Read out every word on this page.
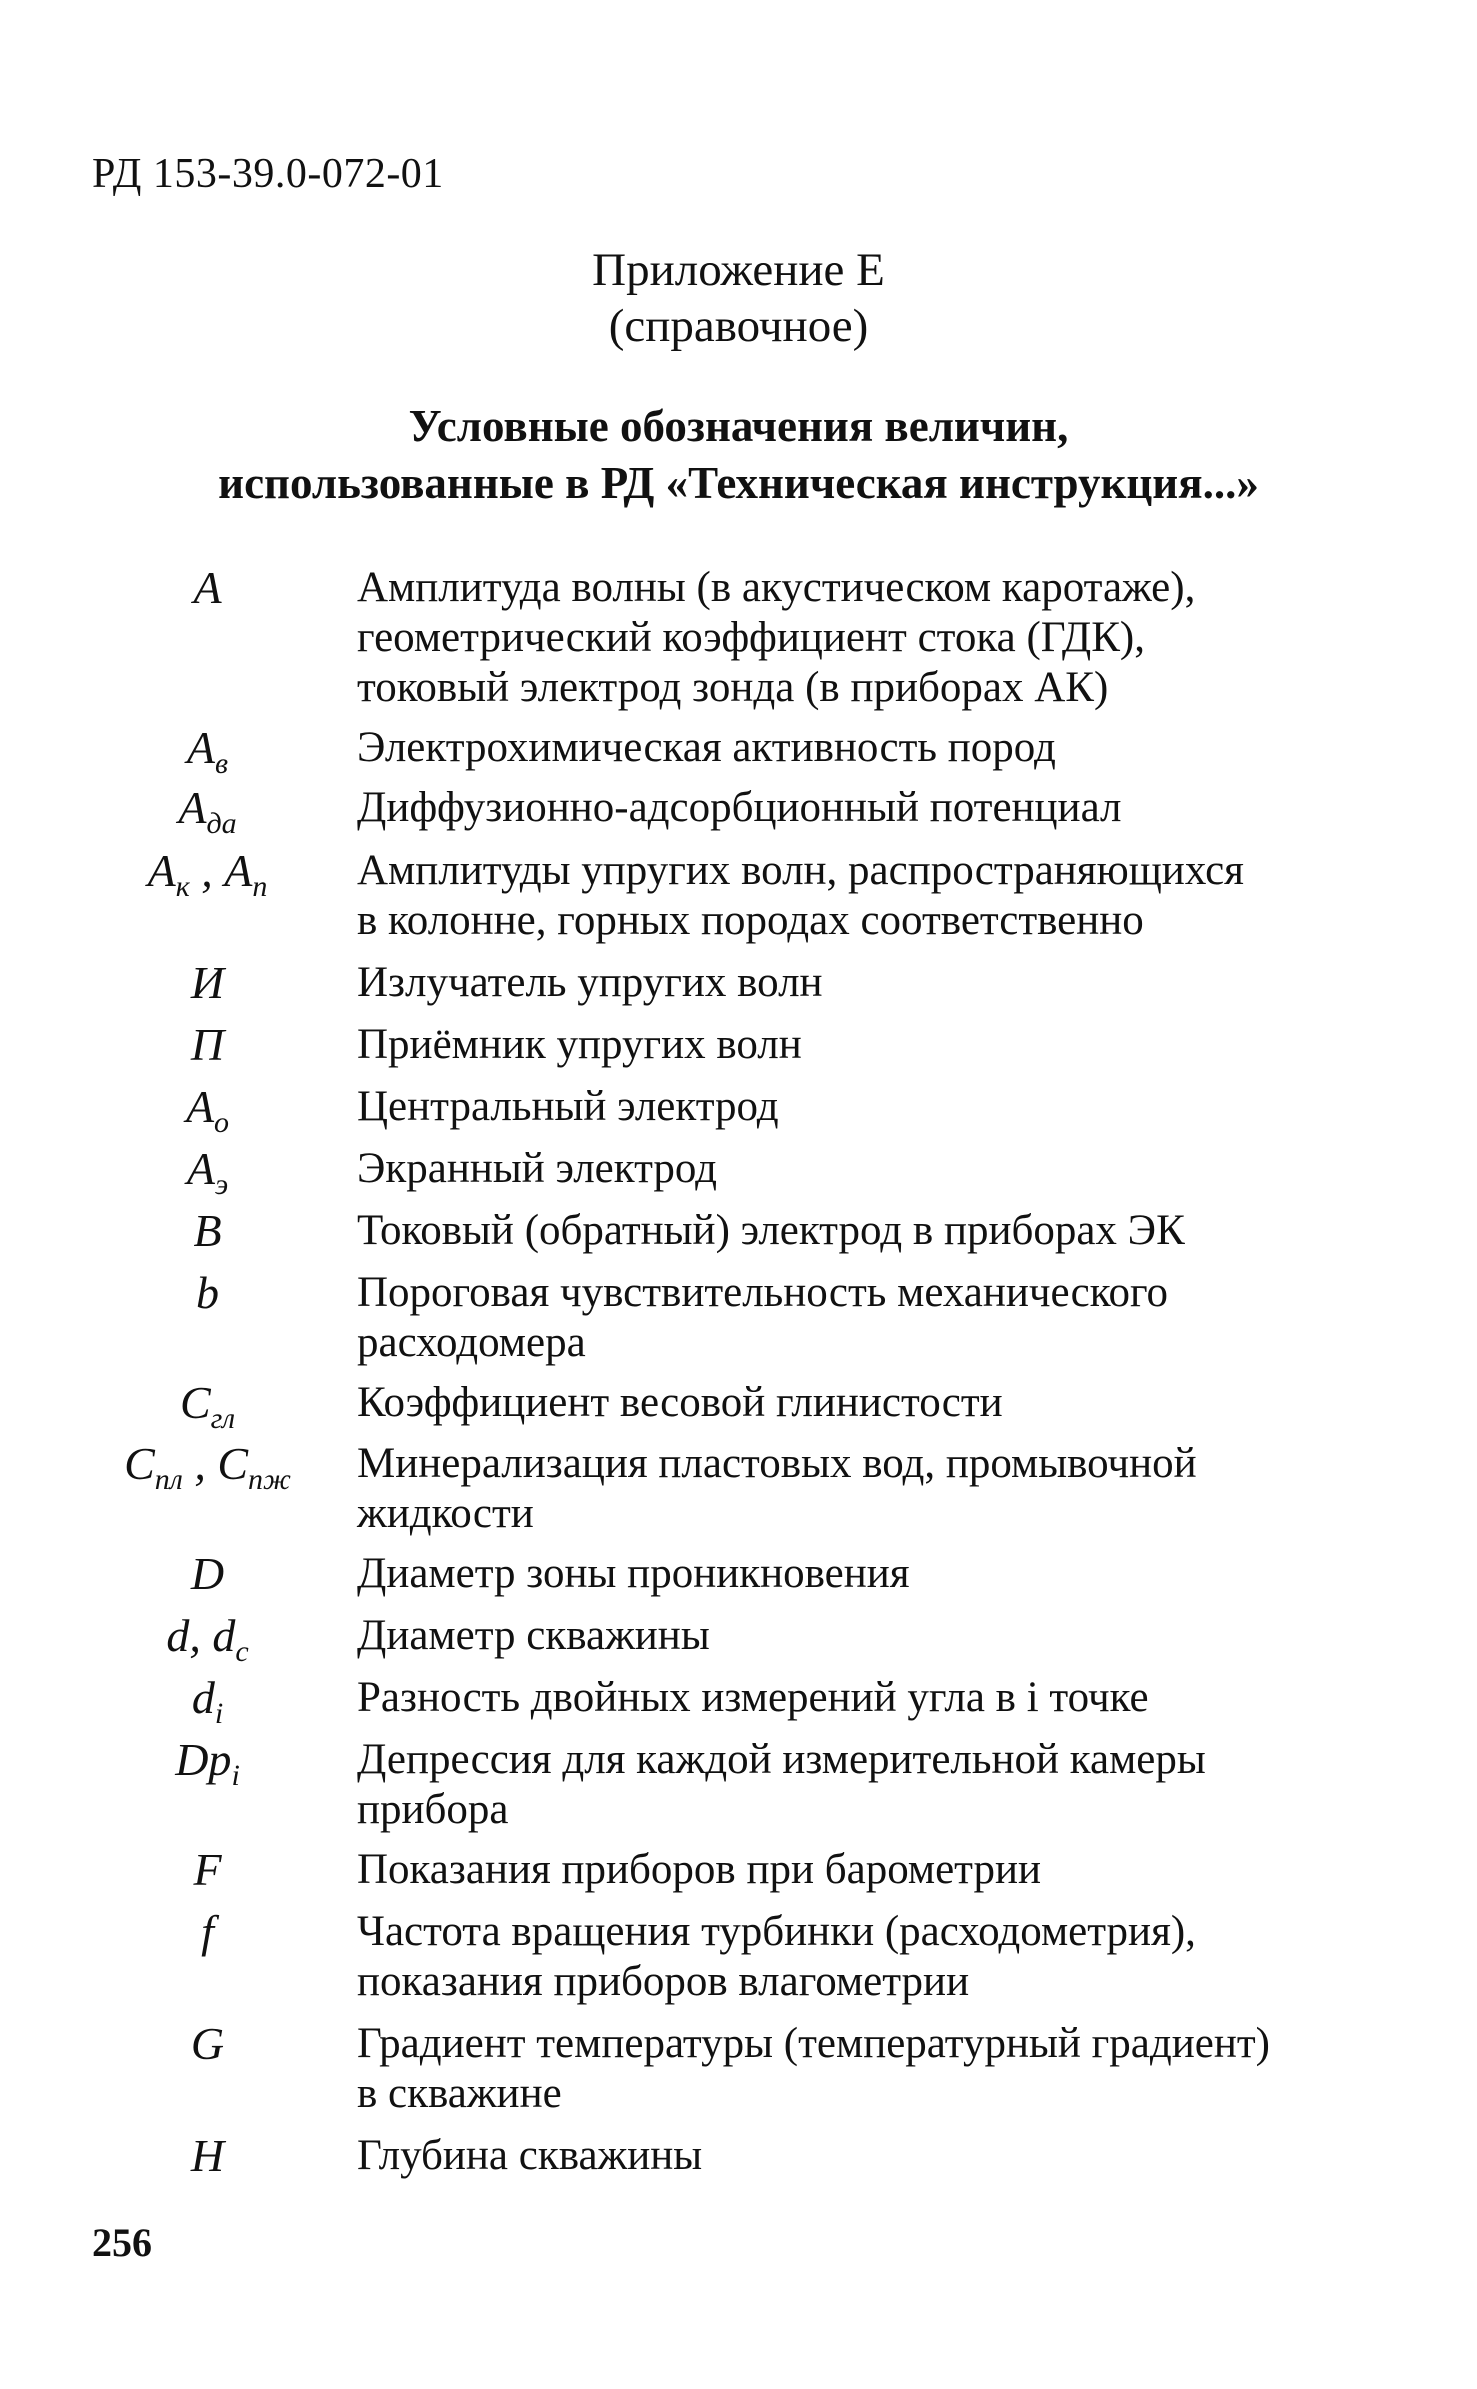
РД 153-39.0-072-01
Приложение Е
(справочное)
Условные обозначения величин,
использованные в РД «Техническая инструкция...»
A	Амплитуда волны (в акустическом каротаже),
геометрический коэффициент стока (ГДК),
токовый электрод зонда (в приборах АК)
$A_в$	Электрохимическая активность пород
$A_{да}$	Диффузионно-адсорбционный потенциал
$A_к$ , $A_п$	Амплитуды упругих волн, распространяющихся
в колонне, горных породах соответственно
И	Излучатель упругих волн
П	Приёмник упругих волн
$A_o$	Центральный электрод
$A_э$	Экранный электрод
B	Токовый (обратный) электрод в приборах ЭК
b	Пороговая чувствительность механического
расходомера
$C_{гл}$	Коэффициент весовой глинистости
$C_{пл}$ , $C_{пж}$	Минерализация пластовых вод, промывочной
жидкости
D	Диаметр зоны проникновения
d, $d_c$	Диаметр скважины
$d_i$	Разность двойных измерений угла в i точке
$Dp_i$	Депрессия для каждой измерительной камеры
прибора
F	Показания приборов при барометрии
f	Частота вращения турбинки (расходометрия),
показания приборов влагометрии
G	Градиент температуры (температурный градиент)
в скважине
H	Глубина скважины
256
